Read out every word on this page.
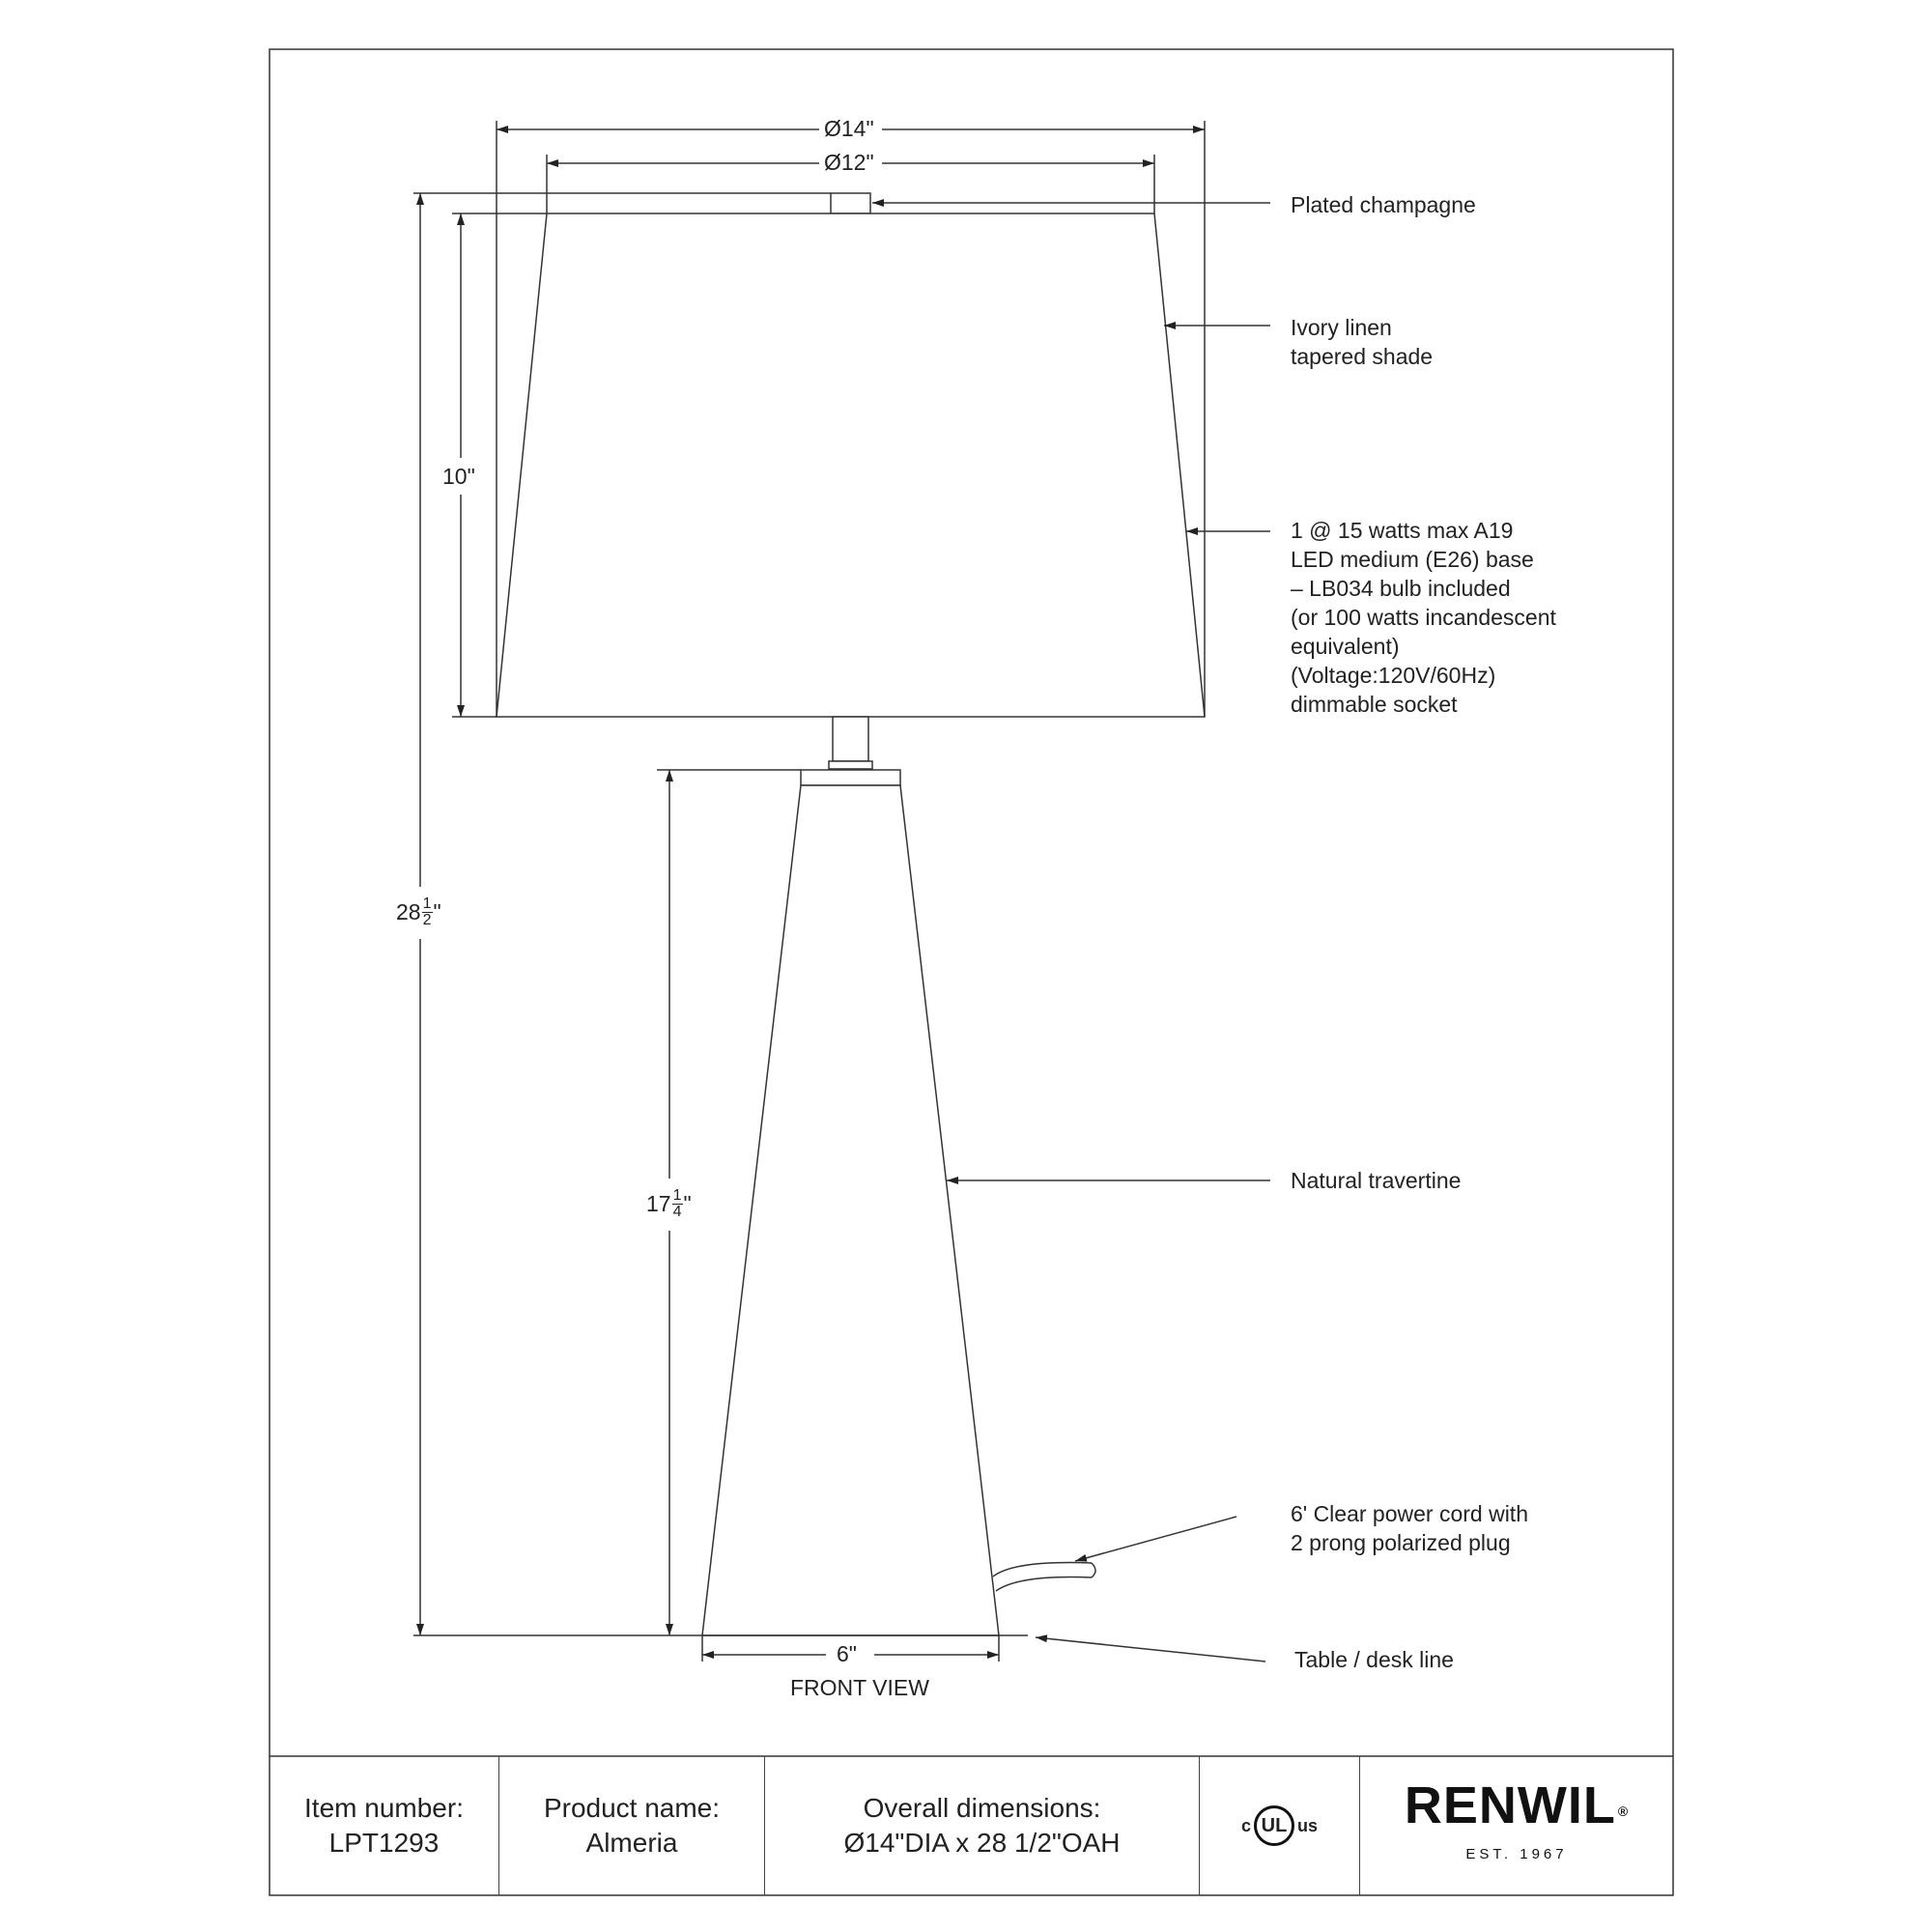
Ø14"
Ø12"
10"
$28 \frac{1}{2}$ "
$17 \frac{1}{4}$ "
6"
FRONT VIEW
Plated champagne
Ivory linen
tapered shade
1 @ 15 watts max A19
LED medium (E26) base
– LB034 bulb included
(or 100 watts incandescent
equivalent)
(Voltage:120V/60Hz)
dimmable socket
Natural travertine
6' Clear power cord with
2 prong polarized plug
Table / desk line
Item number:
LPT1293
Product name:
Almeria
Overall dimensions:
Ø14"DIA x 28 1/2"OAH
c UL us RENWIL ®
EST. 1967
